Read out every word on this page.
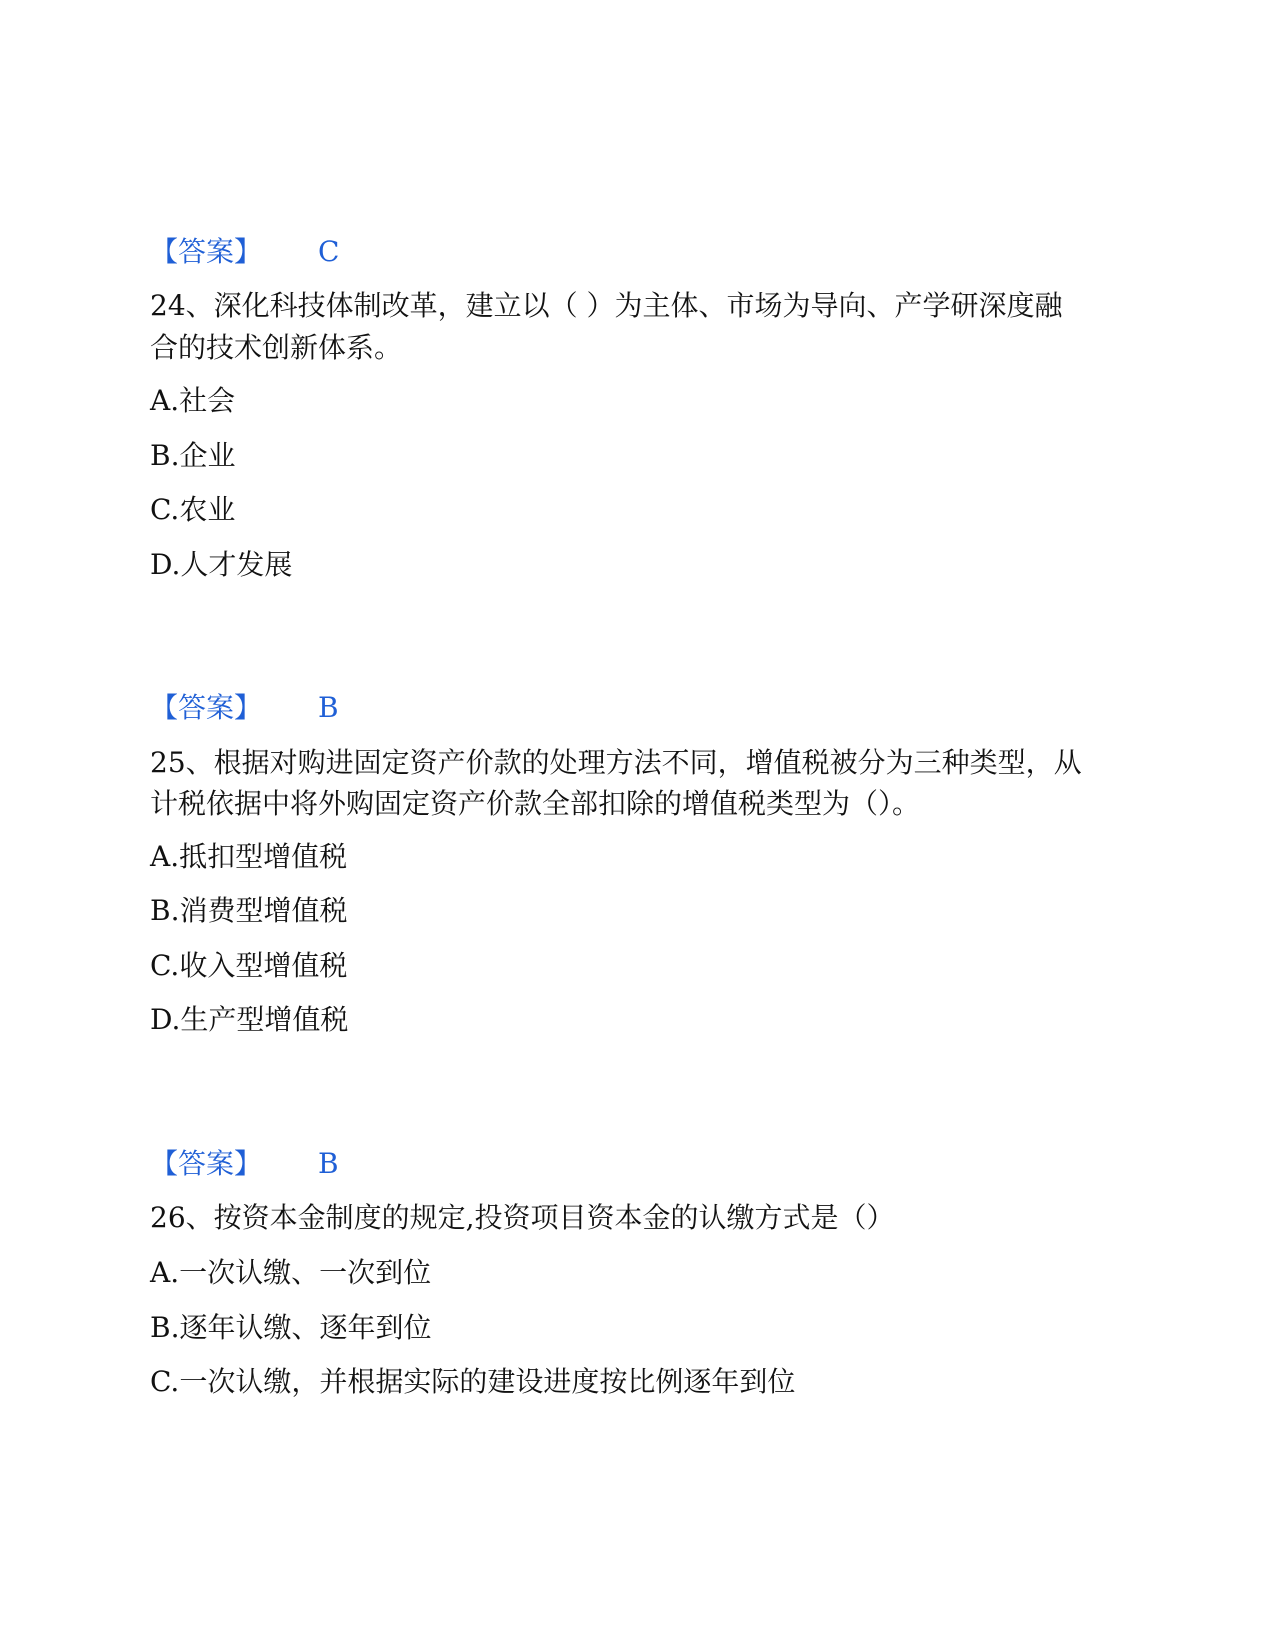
【答案】 C
24、深化科技体制改革，建立以（ ）为主体、市场为导向、产学研深度融
合的技术创新体系。
A.社会
B.企业
C.农业
D.人才发展
【答案】 B
25、根据对购进固定资产价款的处理方法不同，增值税被分为三种类型，从
计税依据中将外购固定资产价款全部扣除的增值税类型为（）。
A.抵扣型增值税
B.消费型增值税
C.收入型增值税
D.生产型增值税
【答案】 B
26、按资本金制度的规定,投资项目资本金的认缴方式是（）
A.一次认缴、一次到位
B.逐年认缴、逐年到位
C.一次认缴，并根据实际的建设进度按比例逐年到位
